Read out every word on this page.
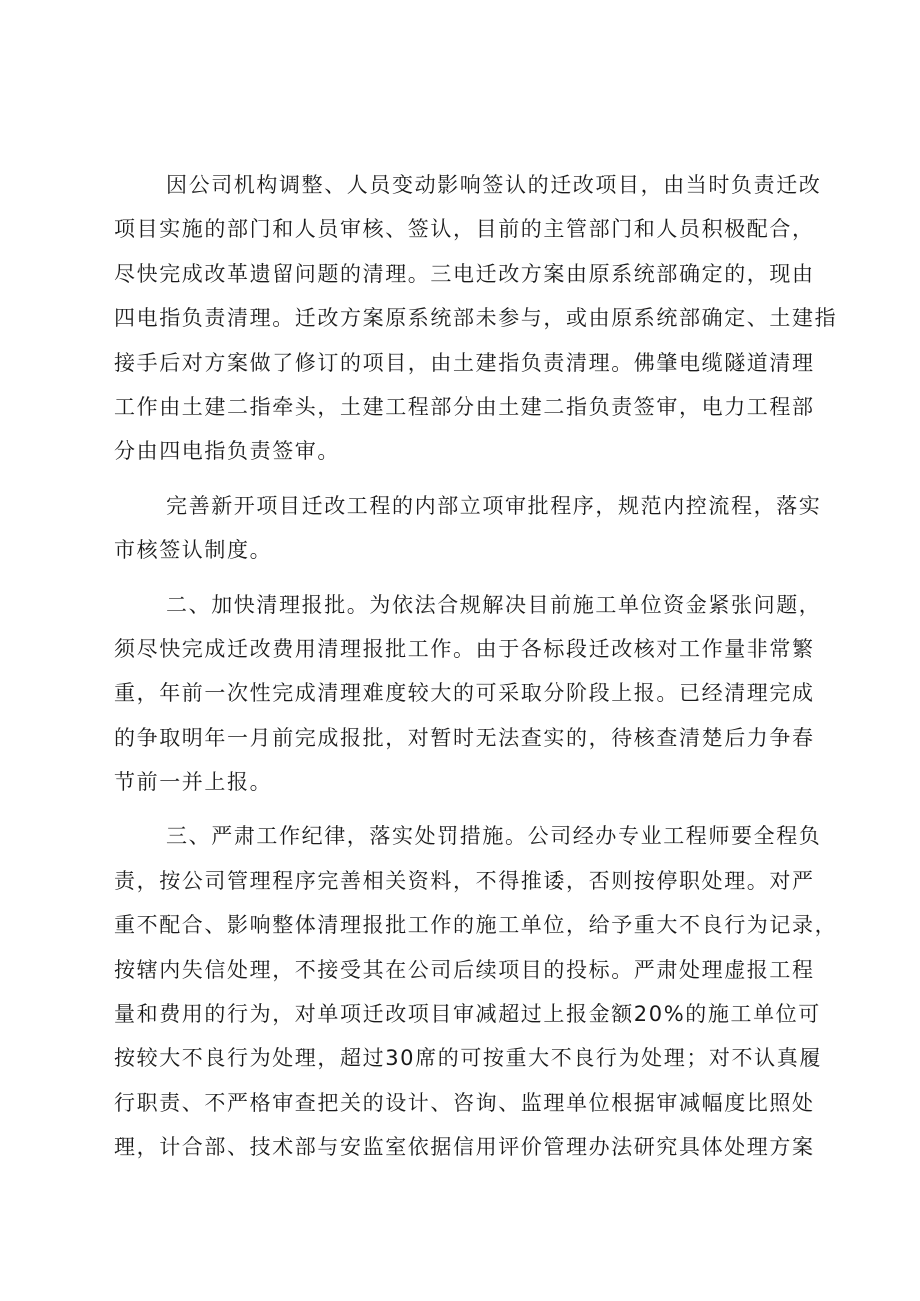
因公司机构调整、人员变动影响签认的迁改项目，由当时负责迁改
项目实施的部门和人员审核、签认，目前的主管部门和人员积极配合，
尽快完成改革遗留问题的清理。三电迁改方案由原系统部确定的，现由
四电指负责清理。迁改方案原系统部未参与，或由原系统部确定、土建指
接手后对方案做了修订的项目，由土建指负责清理。佛肇电缆隧道清理
工作由土建二指牵头，土建工程部分由土建二指负责签审，电力工程部
分由四电指负责签审。
完善新开项目迁改工程的内部立项审批程序，规范内控流程，落实
市核签认制度。
二、加快清理报批。为依法合规解决目前施工单位资金紧张问题，
须尽快完成迁改费用清理报批工作。由于各标段迁改核对工作量非常繁
重，年前一次性完成清理难度较大的可采取分阶段上报。已经清理完成
的争取明年一月前完成报批，对暂时无法查实的，待核查清楚后力争春
节前一并上报。
三、严肃工作纪律，落实处罚措施。公司经办专业工程师要全程负
责，按公司管理程序完善相关资料，不得推诿，否则按停职处理。对严
重不配合、影响整体清理报批工作的施工单位，给予重大不良行为记录，
按辖内失信处理，不接受其在公司后续项目的投标。严肃处理虚报工程
量和费用的行为，对单项迁改项目审减超过上报金额20%的施工单位可
按较大不良行为处理，超过30席的可按重大不良行为处理；对不认真履
行职责、不严格审查把关的设计、咨询、监理单位根据审减幅度比照处
理，计合部、技术部与安监室依据信用评价管理办法研究具体处理方案
